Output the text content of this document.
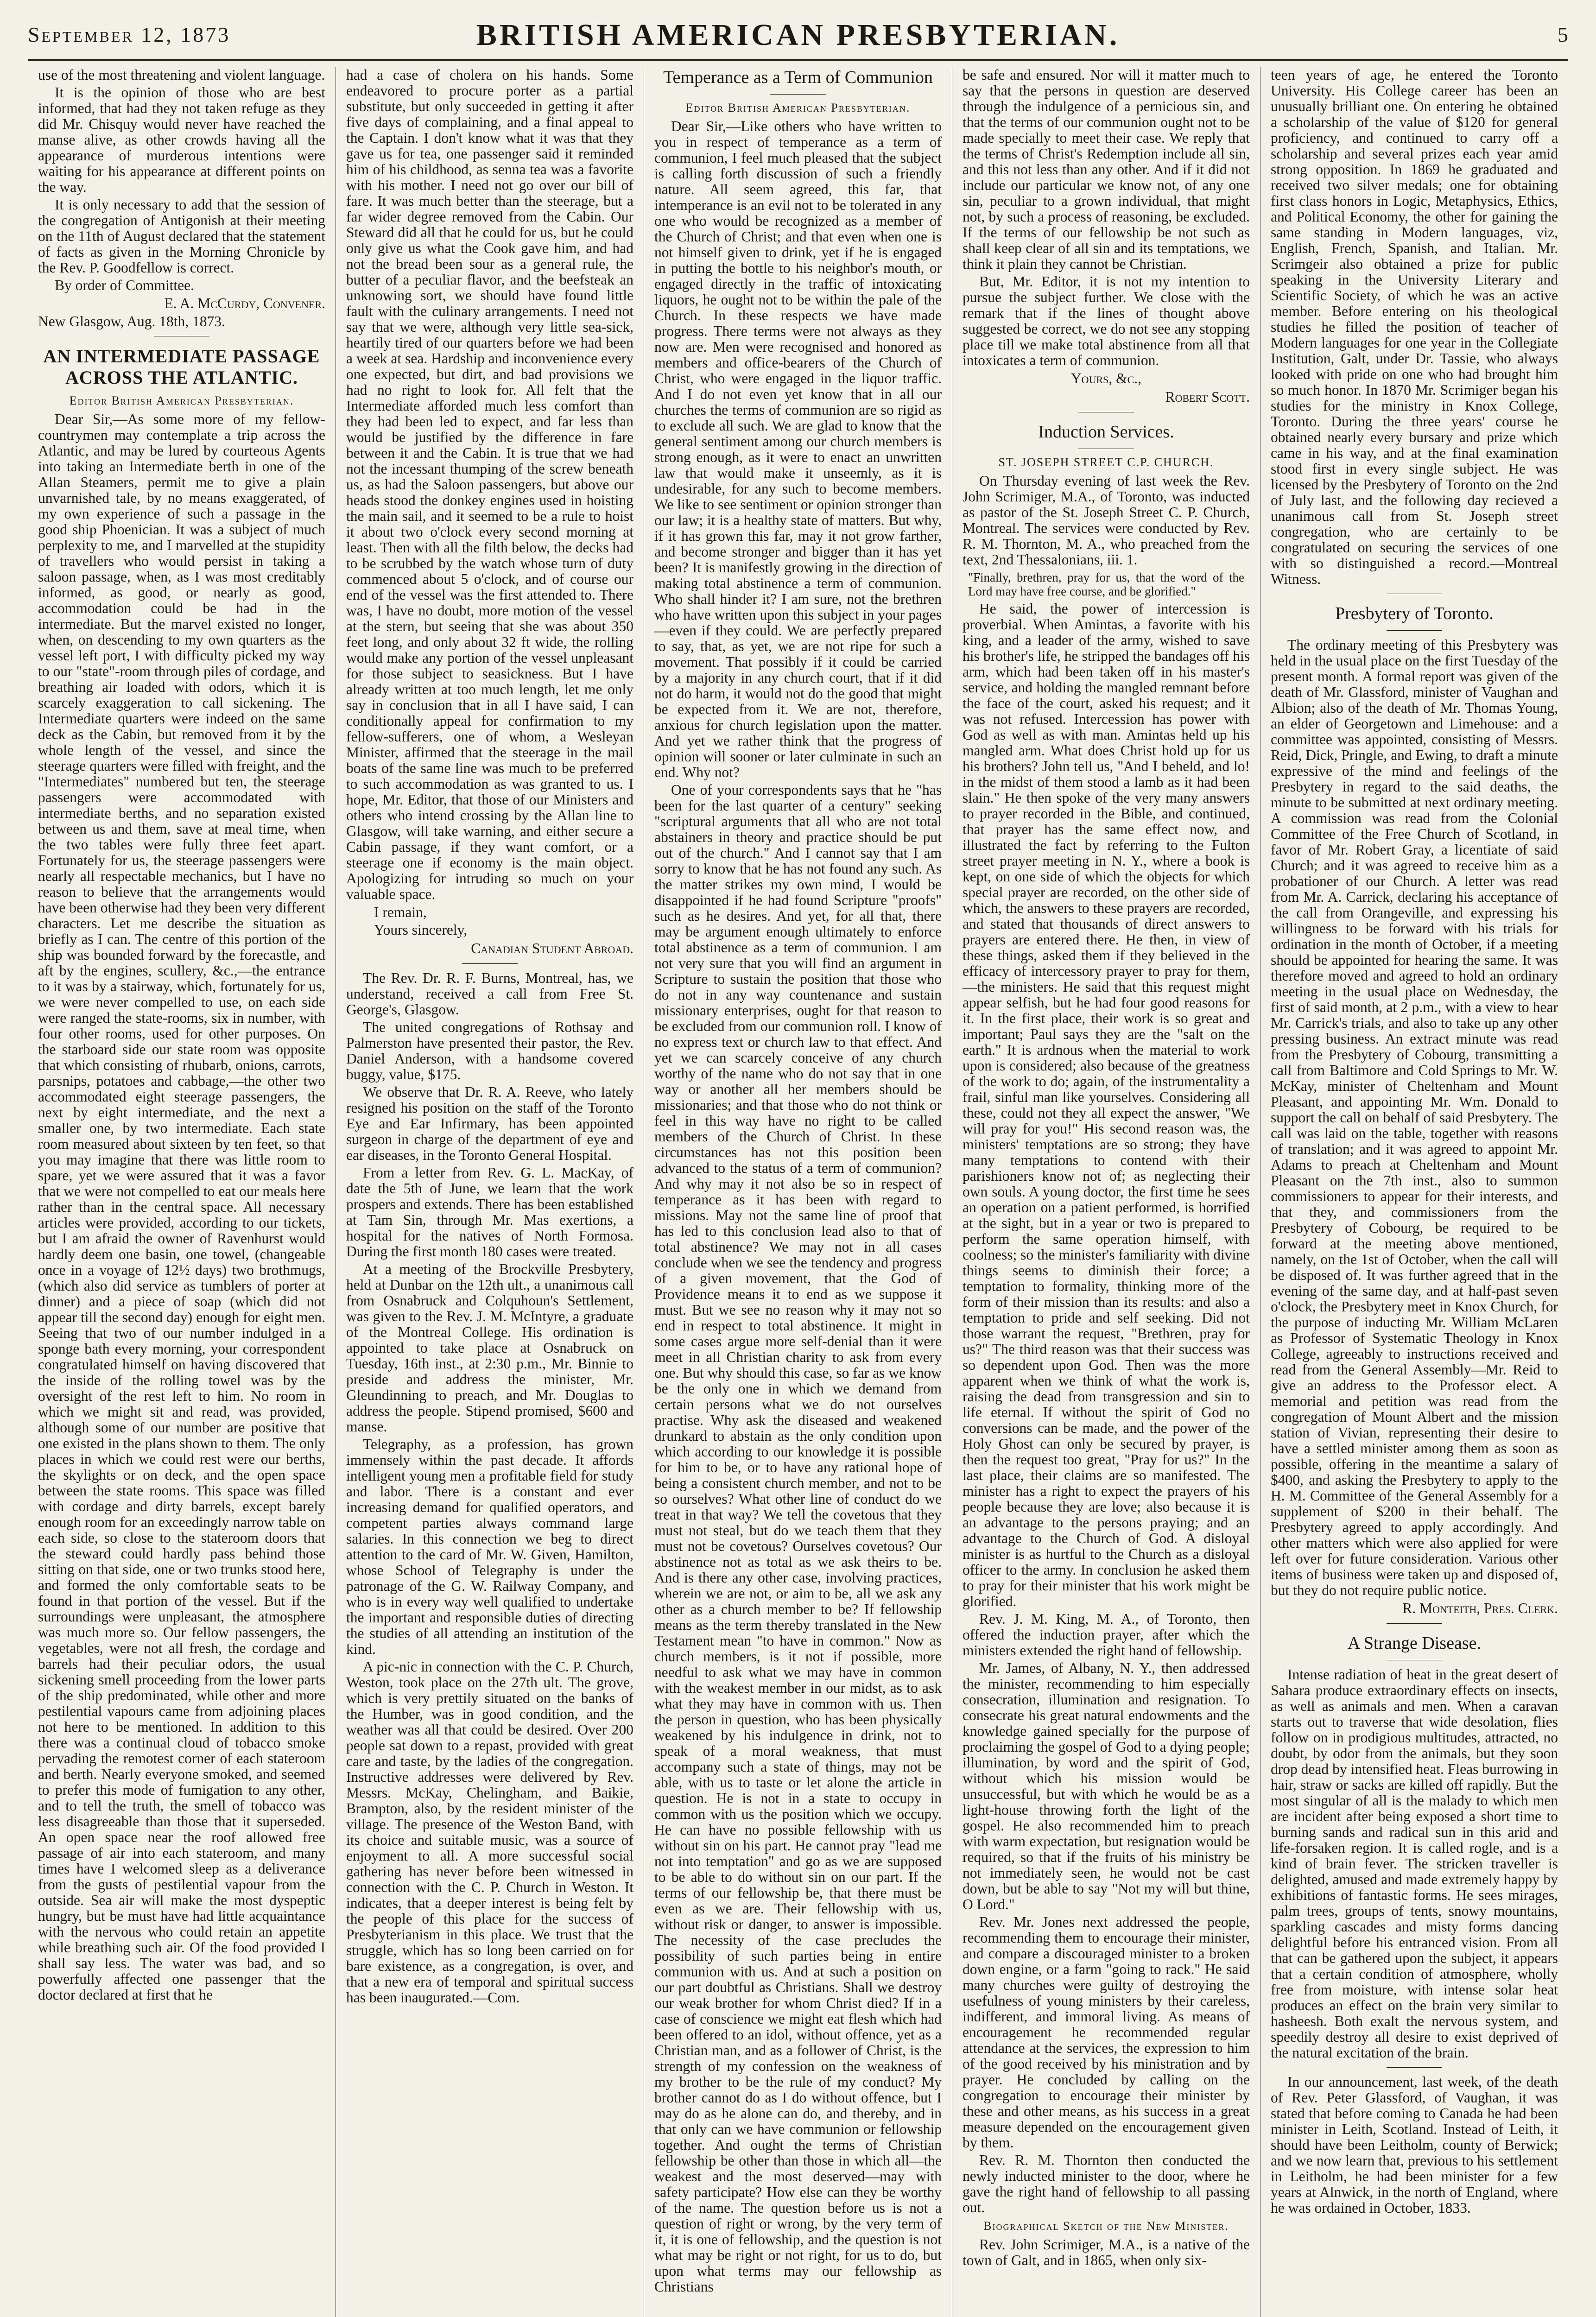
September 12, 1873	BRITISH AMERICAN PRESBYTERIAN.	5

use of the most threatening and violent language.

It is the opinion of those who are best informed, that had they not taken refuge as they did Mr. Chisquy would never have reached the manse alive, as other crowds having all the appearance of murderous intentions were waiting for his appearance at different points on the way.

It is only necessary to add that the session of the congregation of Antigonish at their meeting on the 11th of August declared that the statement of facts as given in the Morning Chronicle by the Rev. P. Goodfellow is correct.

By order of Committee.

E. A. McCurdy, Convener.

New Glasgow, Aug. 18th, 1873.

AN INTERMEDIATE PASSAGE ACROSS THE ATLANTIC.
Editor British American Presbyterian.

Dear Sir,—As some more of my fellow-countrymen may contemplate a trip across the Atlantic, and may be lured by courteous Agents into taking an Intermediate berth in one of the Allan Steamers, permit me to give a plain unvarnished tale, by no means exaggerated, of my own experience of such a passage in the good ship Phoenician. It was a subject of much perplexity to me, and I marvelled at the stupidity of travellers who would persist in taking a saloon passage, when, as I was most creditably informed, as good, or nearly as good, accommodation could be had in the intermediate. But the marvel existed no longer, when, on descending to my own quarters as the vessel left port, I with difficulty picked my way to our "state"-room through piles of cordage, and breathing air loaded with odors, which it is scarcely exaggeration to call sickening. The Intermediate quarters were indeed on the same deck as the Cabin, but removed from it by the whole length of the vessel, and since the steerage quarters were filled with freight, and the "Intermediates" numbered but ten, the steerage passengers were accommodated with intermediate berths, and no separation existed between us and them, save at meal time, when the two tables were fully three feet apart. Fortunately for us, the steerage passengers were nearly all respectable mechanics, but I have no reason to believe that the arrangements would have been otherwise had they been very different characters. Let me describe the situation as briefly as I can. The centre of this portion of the ship was bounded forward by the forecastle, and aft by the engines, scullery, &c.,—the entrance to it was by a stairway, which, fortunately for us, we were never compelled to use, on each side were ranged the state-rooms, six in number, with four other rooms, used for other purposes. On the starboard side our state room was opposite that which consisting of rhubarb, onions, carrots, parsnips, potatoes and cabbage,—the other two accommodated eight steerage passengers, the next by eight intermediate, and the next a smaller one, by two intermediate. Each state room measured about sixteen by ten feet, so that you may imagine that there was little room to spare, yet we were assured that it was a favor that we were not compelled to eat our meals here rather than in the central space. All necessary articles were provided, according to our tickets, but I am afraid the owner of Ravenhurst would hardly deem one basin, one towel, (changeable once in a voyage of 12½ days) two brothmugs, (which also did service as tumblers of porter at dinner) and a piece of soap (which did not appear till the second day) enough for eight men. Seeing that two of our number indulged in a sponge bath every morning, your correspondent congratulated himself on having discovered that the inside of the rolling towel was by the oversight of the rest left to him. No room in which we might sit and read, was provided, although some of our number are positive that one existed in the plans shown to them. The only places in which we could rest were our berths, the skylights or on deck, and the open space between the state rooms. This space was filled with cordage and dirty barrels, except barely enough room for an exceedingly narrow table on each side, so close to the stateroom doors that the steward could hardly pass behind those sitting on that side, one or two trunks stood here, and formed the only comfortable seats to be found in that portion of the vessel. But if the surroundings were unpleasant, the atmosphere was much more so. Our fellow passengers, the vegetables, were not all fresh, the cordage and barrels had their peculiar odors, the usual sickening smell proceeding from the lower parts of the ship predominated, while other and more pestilential vapours came from adjoining places not here to be mentioned. In addition to this there was a continual cloud of tobacco smoke pervading the remotest corner of each stateroom and berth. Nearly everyone smoked, and seemed to prefer this mode of fumigation to any other, and to tell the truth, the smell of tobacco was less disagreeable than those that it superseded. An open space near the roof allowed free passage of air into each stateroom, and many times have I welcomed sleep as a deliverance from the gusts of pestilential vapour from the outside. Sea air will make the most dyspeptic hungry, but be must have had little acquaintance with the nervous who could retain an appetite while breathing such air. Of the food provided I shall say less. The water was bad, and so powerfully affected one passenger that the doctor declared at first that he

had a case of cholera on his hands. Some endeavored to procure porter as a partial substitute, but only succeeded in getting it after five days of complaining, and a final appeal to the Captain. I don't know what it was that they gave us for tea, one passenger said it reminded him of his childhood, as senna tea was a favorite with his mother. I need not go over our bill of fare. It was much better than the steerage, but a far wider degree removed from the Cabin. Our Steward did all that he could for us, but he could only give us what the Cook gave him, and had not the bread been sour as a general rule, the butter of a peculiar flavor, and the beefsteak an unknowing sort, we should have found little fault with the culinary arrangements. I need not say that we were, although very little sea-sick, heartily tired of our quarters before we had been a week at sea. Hardship and inconvenience every one expected, but dirt, and bad provisions we had no right to look for. All felt that the Intermediate afforded much less comfort than they had been led to expect, and far less than would be justified by the difference in fare between it and the Cabin. It is true that we had not the incessant thumping of the screw beneath us, as had the Saloon passengers, but above our heads stood the donkey engines used in hoisting the main sail, and it seemed to be a rule to hoist it about two o'clock every second morning at least. Then with all the filth below, the decks had to be scrubbed by the watch whose turn of duty commenced about 5 o'clock, and of course our end of the vessel was the first attended to. There was, I have no doubt, more motion of the vessel at the stern, but seeing that she was about 350 feet long, and only about 32 ft wide, the rolling would make any portion of the vessel unpleasant for those subject to seasickness. But I have already written at too much length, let me only say in conclusion that in all I have said, I can conditionally appeal for confirmation to my fellow-sufferers, one of whom, a Wesleyan Minister, affirmed that the steerage in the mail boats of the same line was much to be preferred to such accommodation as was granted to us. I hope, Mr. Editor, that those of our Ministers and others who intend crossing by the Allan line to Glasgow, will take warning, and either secure a Cabin passage, if they want comfort, or a steerage one if economy is the main object. Apologizing for intruding so much on your valuable space.

I remain,
Yours sincerely,
Canadian Student Abroad.

The Rev. Dr. R. F. Burns, Montreal, has, we understand, received a call from Free St. George's, Glasgow.

The united congregations of Rothsay and Palmerston have presented their pastor, the Rev. Daniel Anderson, with a handsome covered buggy, value, $175.

We observe that Dr. R. A. Reeve, who lately resigned his position on the staff of the Toronto Eye and Ear Infirmary, has been appointed surgeon in charge of the department of eye and ear diseases, in the Toronto General Hospital.

From a letter from Rev. G. L. MacKay, of date the 5th of June, we learn that the work prospers and extends. There has been established at Tam Sin, through Mr. Mas exertions, a hospital for the natives of North Formosa. During the first month 180 cases were treated.

At a meeting of the Brockville Presbytery, held at Dunbar on the 12th ult., a unanimous call from Osnabruck and Colquhoun's Settlement, was given to the Rev. J. M. McIntyre, a graduate of the Montreal College. His ordination is appointed to take place at Osnabruck on Tuesday, 16th inst., at 2:30 p.m., Mr. Binnie to preside and address the minister, Mr. Gleundinning to preach, and Mr. Douglas to address the people. Stipend promised, $600 and manse.

Telegraphy, as a profession, has grown immensely within the past decade. It affords intelligent young men a profitable field for study and labor. There is a constant and ever increasing demand for qualified operators, and competent parties always command large salaries. In this connection we beg to direct attention to the card of Mr. W. Given, Hamilton, whose School of Telegraphy is under the patronage of the G. W. Railway Company, and who is in every way well qualified to undertake the important and responsible duties of directing the studies of all attending an institution of the kind.

A pic-nic in connection with the C. P. Church, Weston, took place on the 27th ult. The grove, which is very prettily situated on the banks of the Humber, was in good condition, and the weather was all that could be desired. Over 200 people sat down to a repast, provided with great care and taste, by the ladies of the congregation. Instructive addresses were delivered by Rev. Messrs. McKay, Chelingham, and Baikie, Brampton, also, by the resident minister of the village. The presence of the Weston Band, with its choice and suitable music, was a source of enjoyment to all. A more successful social gathering has never before been witnessed in connection with the C. P. Church in Weston. It indicates, that a deeper interest is being felt by the people of this place for the success of Presbyterianism in this place. We trust that the struggle, which has so long been carried on for bare existence, as a congregation, is over, and that a new era of temporal and spiritual success has been inaugurated.—Com.

Temperance as a Term of Communion
Editor British American Presbyterian.

Dear Sir,—Like others who have written to you in respect of temperance as a term of communion, I feel much pleased that the subject is calling forth discussion of such a friendly nature. All seem agreed, this far, that intemperance is an evil not to be tolerated in any one who would be recognized as a member of the Church of Christ; and that even when one is not himself given to drink, yet if he is engaged in putting the bottle to his neighbor's mouth, or engaged directly in the traffic of intoxicating liquors, he ought not to be within the pale of the Church. In these respects we have made progress. There terms were not always as they now are. Men were recognised and honored as members and office-bearers of the Church of Christ, who were engaged in the liquor traffic. And I do not even yet know that in all our churches the terms of communion are so rigid as to exclude all such. We are glad to know that the general sentiment among our church members is strong enough, as it were to enact an unwritten law that would make it unseemly, as it is undesirable, for any such to become members. We like to see sentiment or opinion stronger than our law; it is a healthy state of matters. But why, if it has grown this far, may it not grow farther, and become stronger and bigger than it has yet been? It is manifestly growing in the direction of making total abstinence a term of communion. Who shall hinder it? I am sure, not the brethren who have written upon this subject in your pages—even if they could. We are perfectly prepared to say, that, as yet, we are not ripe for such a movement. That possibly if it could be carried by a majority in any church court, that if it did not do harm, it would not do the good that might be expected from it. We are not, therefore, anxious for church legislation upon the matter. And yet we rather think that the progress of opinion will sooner or later culminate in such an end. Why not?

One of your correspondents says that he "has been for the last quarter of a century" seeking "scriptural arguments that all who are not total abstainers in theory and practice should be put out of the church." And I cannot say that I am sorry to know that he has not found any such. As the matter strikes my own mind, I would be disappointed if he had found Scripture "proofs" such as he desires. And yet, for all that, there may be argument enough ultimately to enforce total abstinence as a term of communion. I am not very sure that you will find an argument in Scripture to sustain the position that those who do not in any way countenance and sustain missionary enterprises, ought for that reason to be excluded from our communion roll. I know of no express text or church law to that effect. And yet we can scarcely conceive of any church worthy of the name who do not say that in one way or another all her members should be missionaries; and that those who do not think or feel in this way have no right to be called members of the Church of Christ. In these circumstances has not this position been advanced to the status of a term of communion? And why may it not also be so in respect of temperance as it has been with regard to missions. May not the same line of proof that has led to this conclusion lead also to that of total abstinence? We may not in all cases conclude when we see the tendency and progress of a given movement, that the God of Providence means it to end as we suppose it must. But we see no reason why it may not so end in respect to total abstinence. It might in some cases argue more self-denial than it were meet in all Christian charity to ask from every one. But why should this case, so far as we know be the only one in which we demand from certain persons what we do not ourselves practise. Why ask the diseased and weakened drunkard to abstain as the only condition upon which according to our knowledge it is possible for him to be, or to have any rational hope of being a consistent church member, and not to be so ourselves? What other line of conduct do we treat in that way? We tell the covetous that they must not steal, but do we teach them that they must not be covetous? Ourselves covetous? Our abstinence not as total as we ask theirs to be. And is there any other case, involving practices, wherein we are not, or aim to be, all we ask any other as a church member to be? If fellowship means as the term thereby translated in the New Testament mean "to have in common." Now as church members, is it not if possible, more needful to ask what we may have in common with the weakest member in our midst, as to ask what they may have in common with us. Then the person in question, who has been physically weakened by his indulgence in drink, not to speak of a moral weakness, that must accompany such a state of things, may not be able, with us to taste or let alone the article in question. He is not in a state to occupy in common with us the position which we occupy. He can have no possible fellowship with us without sin on his part. He cannot pray "lead me not into temptation" and go as we are supposed to be able to do without sin on our part. If the terms of our fellowship be, that there must be even as we are. Their fellowship with us, without risk or danger, to answer is impossible. The necessity of the case precludes the possibility of such parties being in entire communion with us. And at such a position on our part doubtful as Christians. Shall we destroy our weak brother for whom Christ died? If in a case of conscience we might eat flesh which had been offered to an idol, without offence, yet as a Christian man, and as a follower of Christ, is the strength of my confession on the weakness of my brother to be the rule of my conduct? My brother cannot do as I do without offence, but I may do as he alone can do, and thereby, and in that only can we have communion or fellowship together. And ought the terms of Christian fellowship be other than those in which all—the weakest and the most deserved—may with safety participate? How else can they be worthy of the name. The question before us is not a question of right or wrong, by the very term of it, it is one of fellowship, and the question is not what may be right or not right, for us to do, but upon what terms may our fellowship as Christians

be safe and ensured. Nor will it matter much to say that the persons in question are deserved through the indulgence of a pernicious sin, and that the terms of our communion ought not to be made specially to meet their case. We reply that the terms of Christ's Redemption include all sin, and this not less than any other. And if it did not include our particular we know not, of any one sin, peculiar to a grown individual, that might not, by such a process of reasoning, be excluded. If the terms of our fellowship be not such as shall keep clear of all sin and its temptations, we think it plain they cannot be Christian.

But, Mr. Editor, it is not my intention to pursue the subject further. We close with the remark that if the lines of thought above suggested be correct, we do not see any stopping place till we make total abstinence from all that intoxicates a term of communion.

Yours, &c.,
Robert Scott.
Induction Services.
ST. JOSEPH STREET C.P. CHURCH.

On Thursday evening of last week the Rev. John Scrimiger, M.A., of Toronto, was inducted as pastor of the St. Joseph Street C. P. Church, Montreal. The services were conducted by Rev. R. M. Thornton, M. A., who preached from the text, 2nd Thessalonians, iii. 1.

"Finally, brethren, pray for us, that the word of the Lord may have free course, and be glorified."

He said, the power of intercession is proverbial. When Amintas, a favorite with his king, and a leader of the army, wished to save his brother's life, he stripped the bandages off his arm, which had been taken off in his master's service, and holding the mangled remnant before the face of the court, asked his request; and it was not refused. Intercession has power with God as well as with man. Amintas held up his mangled arm. What does Christ hold up for us his brothers? John tell us, "And I beheld, and lo! in the midst of them stood a lamb as it had been slain." He then spoke of the very many answers to prayer recorded in the Bible, and continued, that prayer has the same effect now, and illustrated the fact by referring to the Fulton street prayer meeting in N. Y., where a book is kept, on one side of which the objects for which special prayer are recorded, on the other side of which, the answers to these prayers are recorded, and stated that thousands of direct answers to prayers are entered there. He then, in view of these things, asked them if they believed in the efficacy of intercessory prayer to pray for them,—the ministers. He said that this request might appear selfish, but he had four good reasons for it. In the first place, their work is so great and important; Paul says they are the "salt on the earth." It is ardnous when the material to work upon is considered; also because of the greatness of the work to do; again, of the instrumentality a frail, sinful man like yourselves. Considering all these, could not they all expect the answer, "We will pray for you!" His second reason was, the ministers' temptations are so strong; they have many temptations to contend with their parishioners know not of; as neglecting their own souls. A young doctor, the first time he sees an operation on a patient performed, is horrified at the sight, but in a year or two is prepared to perform the same operation himself, with coolness; so the minister's familiarity with divine things seems to diminish their force; a temptation to formality, thinking more of the form of their mission than its results: and also a temptation to pride and self seeking. Did not those warrant the request, "Brethren, pray for us?" The third reason was that their success was so dependent upon God. Then was the more apparent when we think of what the work is, raising the dead from transgression and sin to life eternal. If without the spirit of God no conversions can be made, and the power of the Holy Ghost can only be secured by prayer, is then the request too great, "Pray for us?" In the last place, their claims are so manifested. The minister has a right to expect the prayers of his people because they are love; also because it is an advantage to the persons praying; and an advantage to the Church of God. A disloyal minister is as hurtful to the Church as a disloyal officer to the army. In conclusion he asked them to pray for their minister that his work might be glorified.

Rev. J. M. King, M. A., of Toronto, then offered the induction prayer, after which the ministers extended the right hand of fellowship.

Mr. James, of Albany, N. Y., then addressed the minister, recommending to him especially consecration, illumination and resignation. To consecrate his great natural endowments and the knowledge gained specially for the purpose of proclaiming the gospel of God to a dying people; illumination, by word and the spirit of God, without which his mission would be unsuccessful, but with which he would be as a light-house throwing forth the light of the gospel. He also recommended him to preach with warm expectation, but resignation would be required, so that if the fruits of his ministry be not immediately seen, he would not be cast down, but be able to say "Not my will but thine, O Lord."

Rev. Mr. Jones next addressed the people, recommending them to encourage their minister, and compare a discouraged minister to a broken down engine, or a farm "going to rack." He said many churches were guilty of destroying the usefulness of young ministers by their careless, indifferent, and immoral living. As means of encouragement he recommended regular attendance at the services, the expression to him of the good received by his ministration and by prayer. He concluded by calling on the congregation to encourage their minister by these and other means, as his success in a great measure depended on the encouragement given by them.

Rev. R. M. Thornton then conducted the newly inducted minister to the door, where he gave the right hand of fellowship to all passing out.

Biographical Sketch of the New Minister.

Rev. John Scrimiger, M.A., is a native of the town of Galt, and in 1865, when only six-

teen years of age, he entered the Toronto University. His College career has been an unusually brilliant one. On entering he obtained a scholarship of the value of $120 for general proficiency, and continued to carry off a scholarship and several prizes each year amid strong opposition. In 1869 he graduated and received two silver medals; one for obtaining first class honors in Logic, Metaphysics, Ethics, and Political Economy, the other for gaining the same standing in Modern languages, viz, English, French, Spanish, and Italian. Mr. Scrimgeir also obtained a prize for public speaking in the University Literary and Scientific Society, of which he was an active member. Before entering on his theological studies he filled the position of teacher of Modern languages for one year in the Collegiate Institution, Galt, under Dr. Tassie, who always looked with pride on one who had brought him so much honor. In 1870 Mr. Scrimiger began his studies for the ministry in Knox College, Toronto. During the three years' course he obtained nearly every bursary and prize which came in his way, and at the final examination stood first in every single subject. He was licensed by the Presbytery of Toronto on the 2nd of July last, and the following day recieved a unanimous call from St. Joseph street congregation, who are certainly to be congratulated on securing the services of one with so distinguished a record.—Montreal Witness.

Presbytery of Toronto.

The ordinary meeting of this Presbytery was held in the usual place on the first Tuesday of the present month. A formal report was given of the death of Mr. Glassford, minister of Vaughan and Albion; also of the death of Mr. Thomas Young, an elder of Georgetown and Limehouse: and a committee was appointed, consisting of Messrs. Reid, Dick, Pringle, and Ewing, to draft a minute expressive of the mind and feelings of the Presbytery in regard to the said deaths, the minute to be submitted at next ordinary meeting. A commission was read from the Colonial Committee of the Free Church of Scotland, in favor of Mr. Robert Gray, a licentiate of said Church; and it was agreed to receive him as a probationer of our Church. A letter was read from Mr. A. Carrick, declaring his acceptance of the call from Orangeville, and expressing his willingness to be forward with his trials for ordination in the month of October, if a meeting should be appointed for hearing the same. It was therefore moved and agreed to hold an ordinary meeting in the usual place on Wednesday, the first of said month, at 2 p.m., with a view to hear Mr. Carrick's trials, and also to take up any other pressing business. An extract minute was read from the Presbytery of Cobourg, transmitting a call from Baltimore and Cold Springs to Mr. W. McKay, minister of Cheltenham and Mount Pleasant, and appointing Mr. Wm. Donald to support the call on behalf of said Presbytery. The call was laid on the table, together with reasons of translation; and it was agreed to appoint Mr. Adams to preach at Cheltenham and Mount Pleasant on the 7th inst., also to summon commissioners to appear for their interests, and that they, and commissioners from the Presbytery of Cobourg, be required to be forward at the meeting above mentioned, namely, on the 1st of October, when the call will be disposed of. It was further agreed that in the evening of the same day, and at half-past seven o'clock, the Presbytery meet in Knox Church, for the purpose of inducting Mr. William McLaren as Professor of Systematic Theology in Knox College, agreeably to instructions received and read from the General Assembly—Mr. Reid to give an address to the Professor elect. A memorial and petition was read from the congregation of Mount Albert and the mission station of Vivian, representing their desire to have a settled minister among them as soon as possible, offering in the meantime a salary of $400, and asking the Presbytery to apply to the H. M. Committee of the General Assembly for a supplement of $200 in their behalf. The Presbytery agreed to apply accordingly. And other matters which were also applied for were left over for future consideration. Various other items of business were taken up and disposed of, but they do not require public notice.

R. Monteith, Pres. Clerk.
A Strange Disease.

Intense radiation of heat in the great desert of Sahara produce extraordinary effects on insects, as well as animals and men. When a caravan starts out to traverse that wide desolation, flies follow on in prodigious multitudes, attracted, no doubt, by odor from the animals, but they soon drop dead by intensified heat. Fleas burrowing in hair, straw or sacks are killed off rapidly. But the most singular of all is the malady to which men are incident after being exposed a short time to burning sands and radical sun in this arid and life-forsaken region. It is called rogle, and is a kind of brain fever. The stricken traveller is delighted, amused and made extremely happy by exhibitions of fantastic forms. He sees mirages, palm trees, groups of tents, snowy mountains, sparkling cascades and misty forms dancing delightful before his entranced vision. From all that can be gathered upon the subject, it appears that a certain condition of atmosphere, wholly free from moisture, with intense solar heat produces an effect on the brain very similar to hasheesh. Both exalt the nervous system, and speedily destroy all desire to exist deprived of the natural excitation of the brain.

In our announcement, last week, of the death of Rev. Peter Glassford, of Vaughan, it was stated that before coming to Canada he had been minister in Leith, Scotland. Instead of Leith, it should have been Leitholm, county of Berwick; and we now learn that, previous to his settlement in Leitholm, he had been minister for a few years at Alnwick, in the north of England, where he was ordained in October, 1833.
